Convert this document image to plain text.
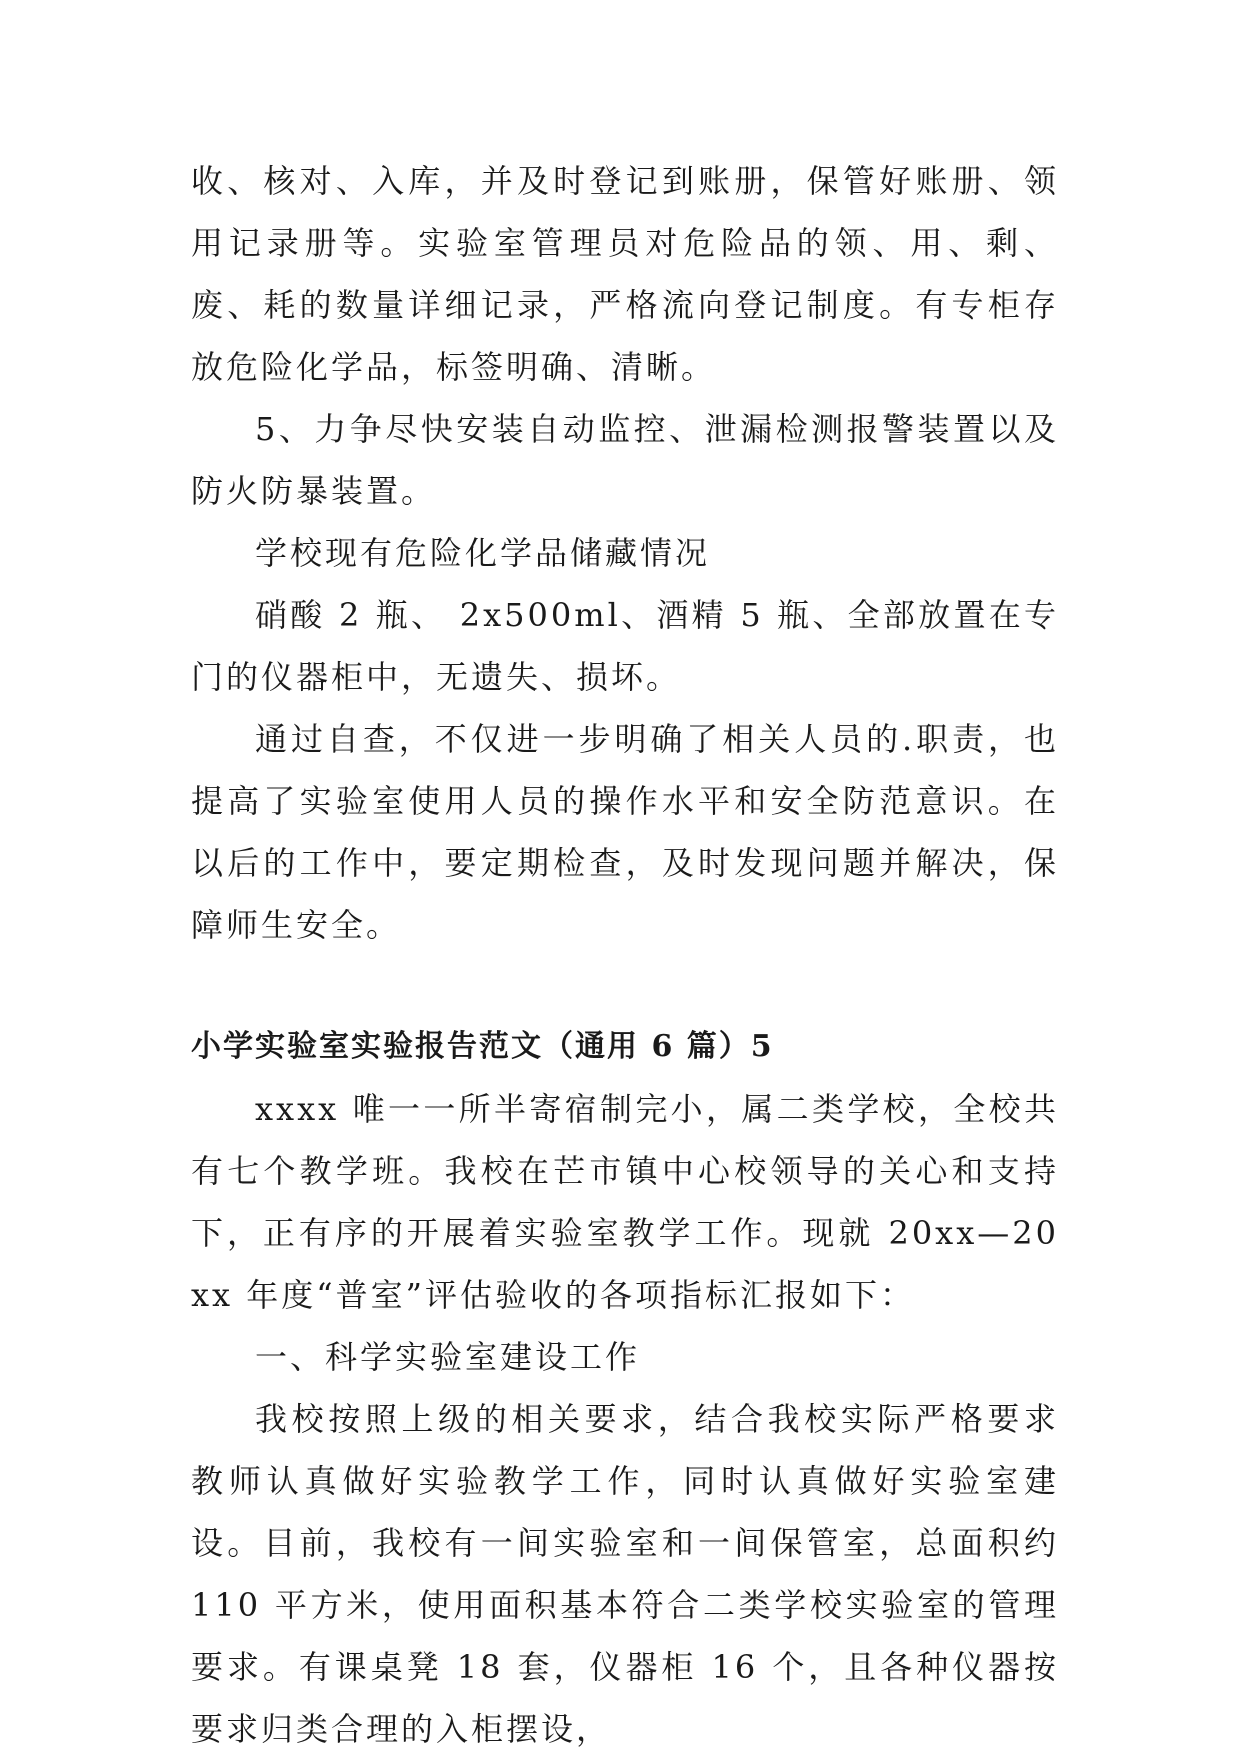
收、核对、入库，并及时登记到账册，保管好账册、领用记录册等。实验室管理员对危险品的领、用、剩、废、耗的数量详细记录，严格流向登记制度。有专柜存放危险化学品，标签明确、清晰。

5、力争尽快安装自动监控、泄漏检测报警装置以及防火防暴装置。

学校现有危险化学品储藏情况

硝酸 2 瓶、 2x500ml、酒精 5 瓶、全部放置在专门的仪器柜中，无遗失、损坏。

通过自查，不仅进一步明确了相关人员的.职责，也提高了实验室使用人员的操作水平和安全防范意识。在以后的工作中，要定期检查，及时发现问题并解决，保障师生安全。

小学实验室实验报告范文（通用 6 篇）5

xxxx 唯一一所半寄宿制完小，属二类学校，全校共有七个教学班。我校在芒市镇中心校领导的关心和支持下，正有序的开展着实验室教学工作。现就 20xx—20xx 年度“普室”评估验收的各项指标汇报如下：

一、科学实验室建设工作

我校按照上级的相关要求，结合我校实际严格要求教师认真做好实验教学工作，同时认真做好实验室建设。目前，我校有一间实验室和一间保管室，总面积约 110 平方米，使用面积基本符合二类学校实验室的管理要求。有课桌凳 18 套，仪器柜 16 个，且各种仪器按要求归类合理的入柜摆设，
